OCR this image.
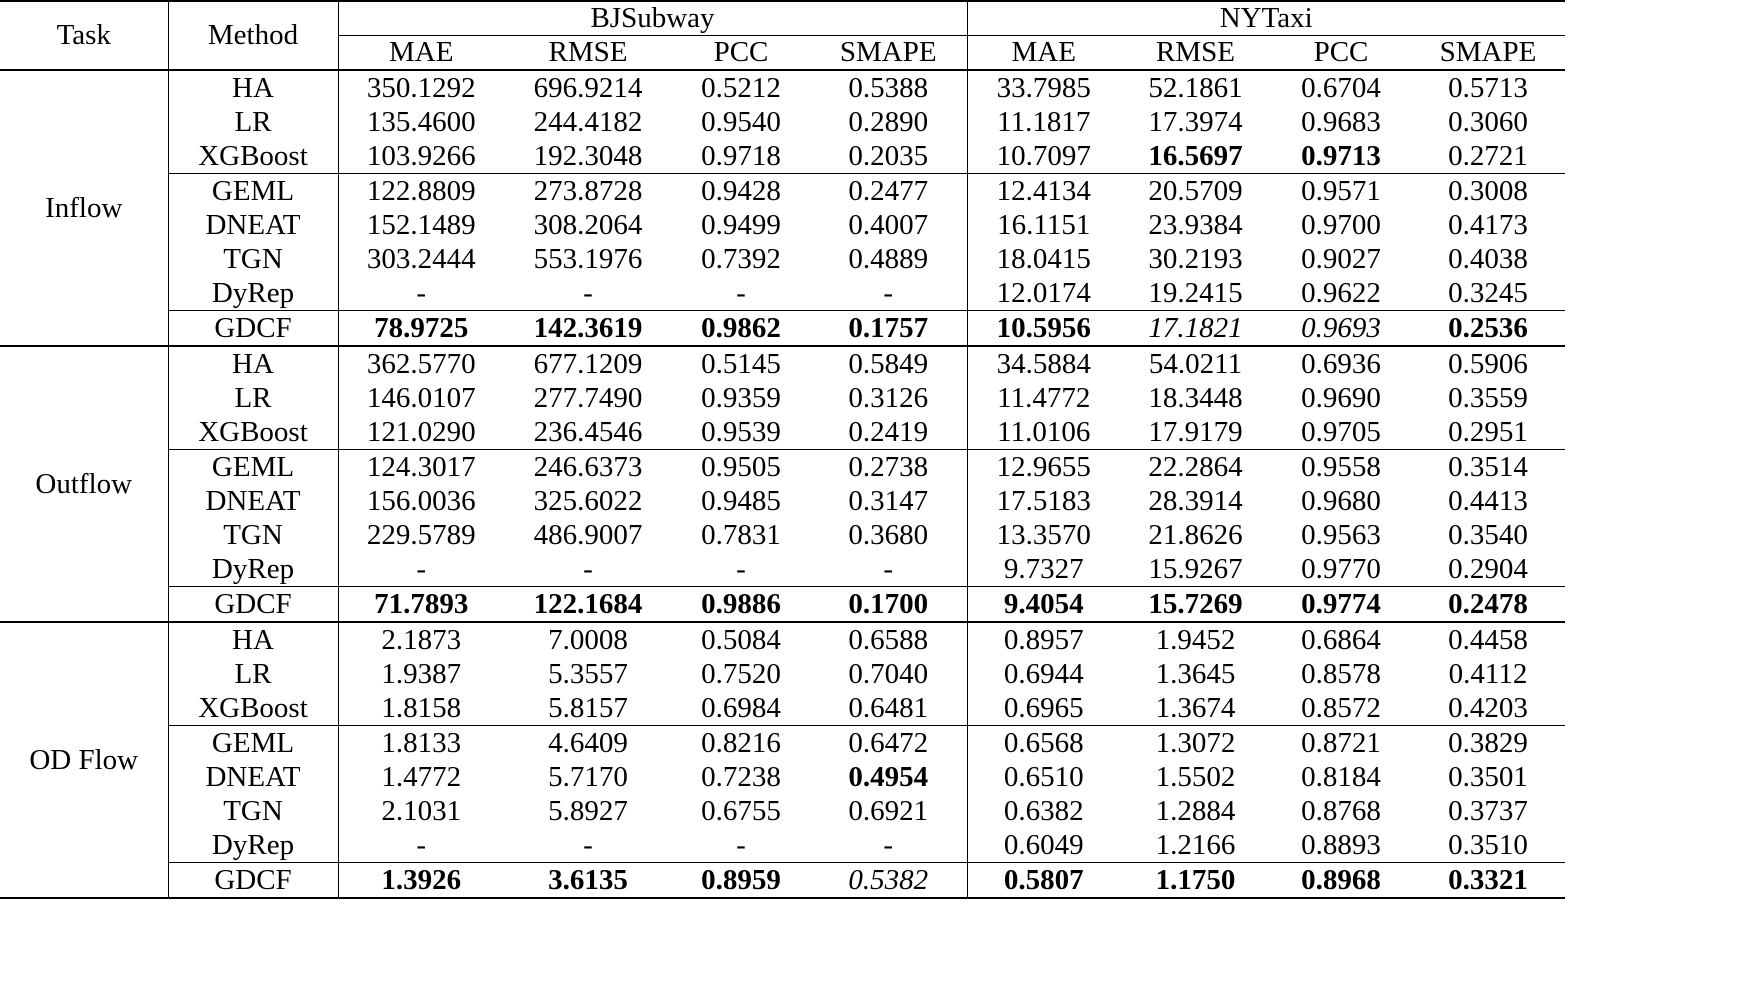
Task	Method	BJSubway				NYTaxi			
		MAE	RMSE	PCC	SMAPE	MAE	RMSE	PCC	SMAPE
Inflow	HA	350.1292	696.9214	0.5212	0.5388	33.7985	52.1861	0.6704	0.5713
	LR	135.4600	244.4182	0.9540	0.2890	11.1817	17.3974	0.9683	0.3060
	XGBoost	103.9266	192.3048	0.9718	0.2035	10.7097	16.5697	0.9713	0.2721
	GEML	122.8809	273.8728	0.9428	0.2477	12.4134	20.5709	0.9571	0.3008
	DNEAT	152.1489	308.2064	0.9499	0.4007	16.1151	23.9384	0.9700	0.4173
	TGN	303.2444	553.1976	0.7392	0.4889	18.0415	30.2193	0.9027	0.4038
	DyRep	-	-	-	-	12.0174	19.2415	0.9622	0.3245
	GDCF	78.9725	142.3619	0.9862	0.1757	10.5956	17.1821	0.9693	0.2536
Outflow	HA	362.5770	677.1209	0.5145	0.5849	34.5884	54.0211	0.6936	0.5906
	LR	146.0107	277.7490	0.9359	0.3126	11.4772	18.3448	0.9690	0.3559
	XGBoost	121.0290	236.4546	0.9539	0.2419	11.0106	17.9179	0.9705	0.2951
	GEML	124.3017	246.6373	0.9505	0.2738	12.9655	22.2864	0.9558	0.3514
	DNEAT	156.0036	325.6022	0.9485	0.3147	17.5183	28.3914	0.9680	0.4413
	TGN	229.5789	486.9007	0.7831	0.3680	13.3570	21.8626	0.9563	0.3540
	DyRep	-	-	-	-	9.7327	15.9267	0.9770	0.2904
	GDCF	71.7893	122.1684	0.9886	0.1700	9.4054	15.7269	0.9774	0.2478
OD Flow	HA	2.1873	7.0008	0.5084	0.6588	0.8957	1.9452	0.6864	0.4458
	LR	1.9387	5.3557	0.7520	0.7040	0.6944	1.3645	0.8578	0.4112
	XGBoost	1.8158	5.8157	0.6984	0.6481	0.6965	1.3674	0.8572	0.4203
	GEML	1.8133	4.6409	0.8216	0.6472	0.6568	1.3072	0.8721	0.3829
	DNEAT	1.4772	5.7170	0.7238	0.4954	0.6510	1.5502	0.8184	0.3501
	TGN	2.1031	5.8927	0.6755	0.6921	0.6382	1.2884	0.8768	0.3737
	DyRep	-	-	-	-	0.6049	1.2166	0.8893	0.3510
	GDCF	1.3926	3.6135	0.8959	0.5382	0.5807	1.1750	0.8968	0.3321
